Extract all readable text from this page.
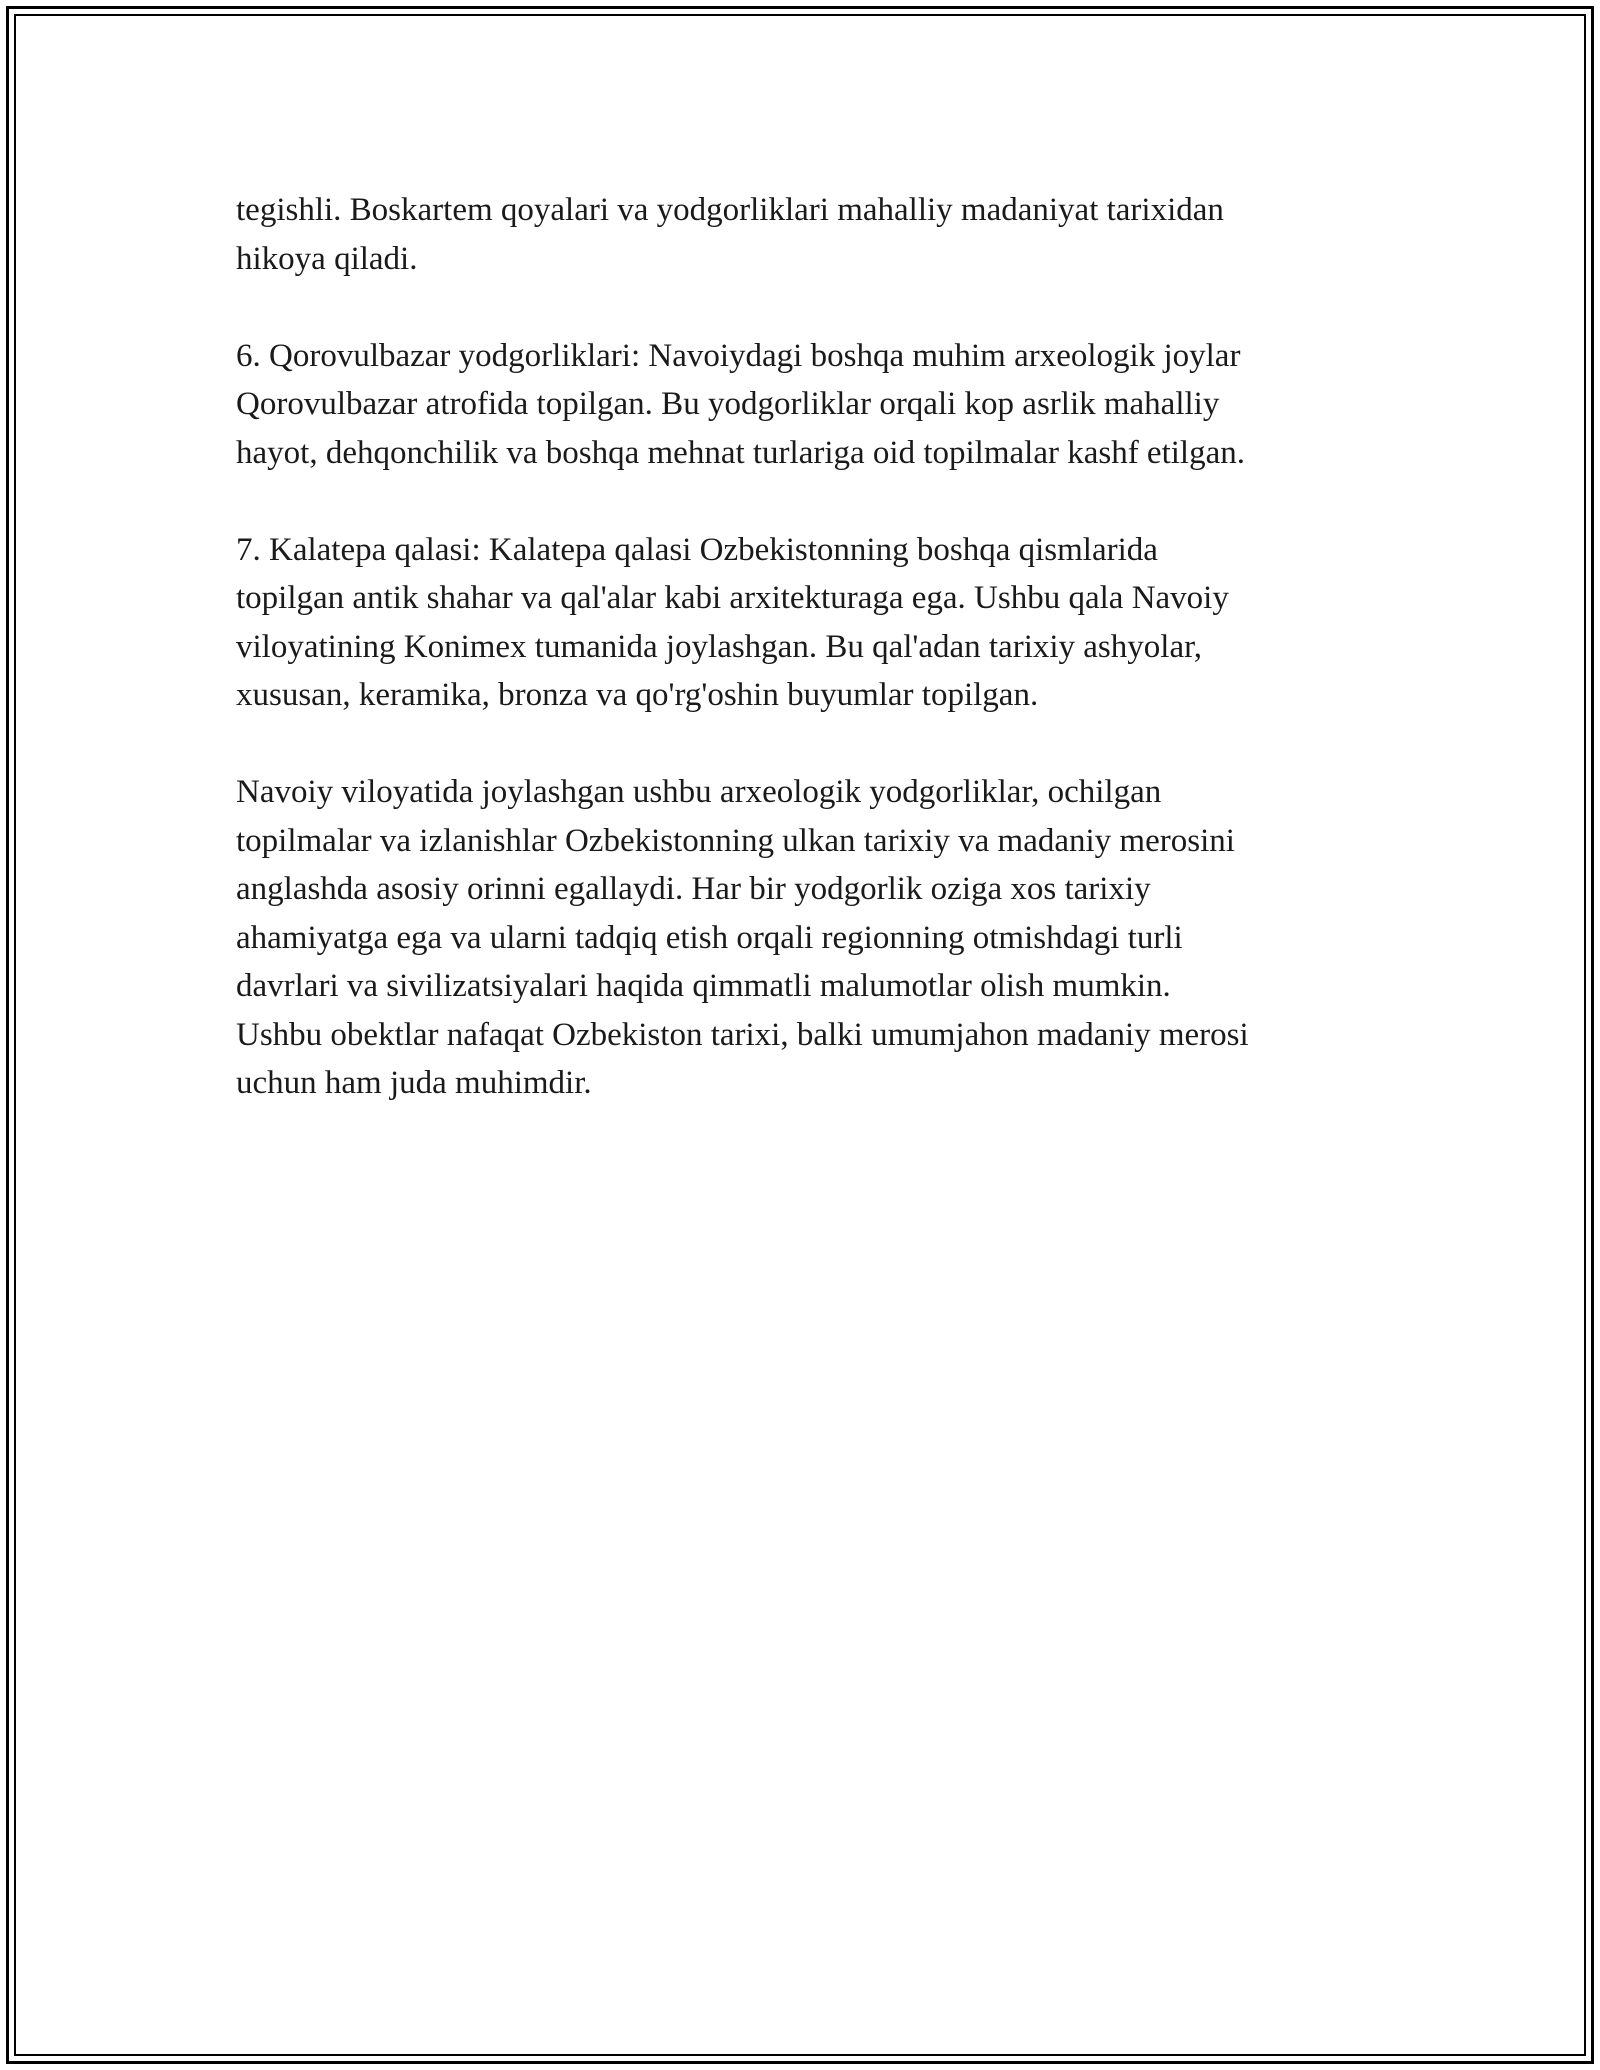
tegishli. Boskartem qoyalari va yodgorliklari mahalliy madaniyat tarixidan
hikoya qiladi.

6. Qorovulbazar yodgorliklari: Navoiydagi boshqa muhim arxeologik joylar
Qorovulbazar atrofida topilgan. Bu yodgorliklar orqali kop asrlik mahalliy
hayot, dehqonchilik va boshqa mehnat turlariga oid topilmalar kashf etilgan.

7. Kalatepa qalasi: Kalatepa qalasi Ozbekistonning boshqa qismlarida
topilgan antik shahar va qal'alar kabi arxitekturaga ega. Ushbu qala Navoiy
viloyatining Konimex tumanida joylashgan. Bu qal'adan tarixiy ashyolar,
xususan, keramika, bronza va qo'rg'oshin buyumlar topilgan.

Navoiy viloyatida joylashgan ushbu arxeologik yodgorliklar, ochilgan
topilmalar va izlanishlar Ozbekistonning ulkan tarixiy va madaniy merosini
anglashda asosiy orinni egallaydi. Har bir yodgorlik oziga xos tarixiy
ahamiyatga ega va ularni tadqiq etish orqali regionning otmishdagi turli
davrlari va sivilizatsiyalari haqida qimmatli malumotlar olish mumkin.
Ushbu obektlar nafaqat Ozbekiston tarixi, balki umumjahon madaniy merosi
uchun ham juda muhimdir.
